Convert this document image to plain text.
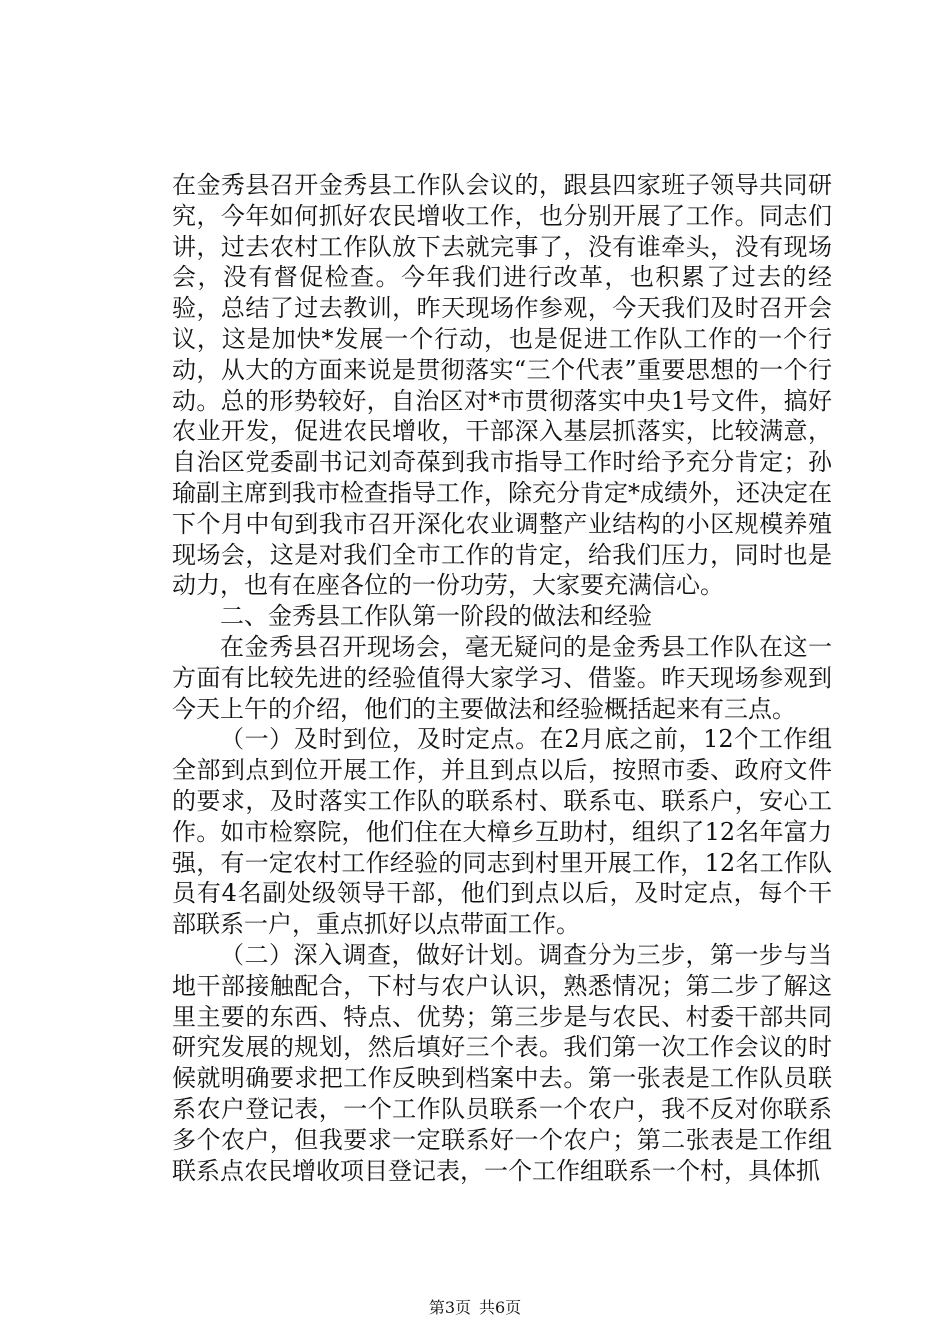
在金秀县召开金秀县工作队会议的，跟县四家班子领导共同研究，今年如何抓好农民增收工作，也分别开展了工作。同志们讲，过去农村工作队放下去就完事了，没有谁牵头，没有现场会，没有督促检查。今年我们进行改革，也积累了过去的经验，总结了过去教训，昨天现场作参观，今天我们及时召开会议，这是加快*发展一个行动，也是促进工作队工作的一个行动，从大的方面来说是贯彻落实“三个代表”重要思想的一个行动。总的形势较好，自治区对*市贯彻落实中央1号文件，搞好农业开发，促进农民增收，干部深入基层抓落实，比较满意，自治区党委副书记刘奇葆到我市指导工作时给予充分肯定；孙瑜副主席到我市检查指导工作，除充分肯定*成绩外，还决定在下个月中旬到我市召开深化农业调整产业结构的小区规模养殖现场会，这是对我们全市工作的肯定，给我们压力，同时也是动力，也有在座各位的一份功劳，大家要充满信心。

二、金秀县工作队第一阶段的做法和经验

在金秀县召开现场会，毫无疑问的是金秀县工作队在这一方面有比较先进的经验值得大家学习、借鉴。昨天现场参观到今天上午的介绍，他们的主要做法和经验概括起来有三点。

（一）及时到位，及时定点。在2月底之前，12个工作组全部到点到位开展工作，并且到点以后，按照市委、政府文件的要求，及时落实工作队的联系村、联系屯、联系户，安心工作。如市检察院，他们住在大樟乡互助村，组织了12名年富力强，有一定农村工作经验的同志到村里开展工作，12名工作队员有4名副处级领导干部，他们到点以后，及时定点，每个干部联系一户，重点抓好以点带面工作。

（二）深入调查，做好计划。调查分为三步，第一步与当地干部接触配合，下村与农户认识，熟悉情况；第二步了解这里主要的东西、特点、优势；第三步是与农民、村委干部共同研究发展的规划，然后填好三个表。我们第一次工作会议的时候就明确要求把工作反映到档案中去。第一张表是工作队员联系农户登记表，一个工作队员联系一个农户，我不反对你联系多个农户，但我要求一定联系好一个农户；第二张表是工作组联系点农民增收项目登记表，一个工作组联系一个村，具体抓

第3页 共6页
